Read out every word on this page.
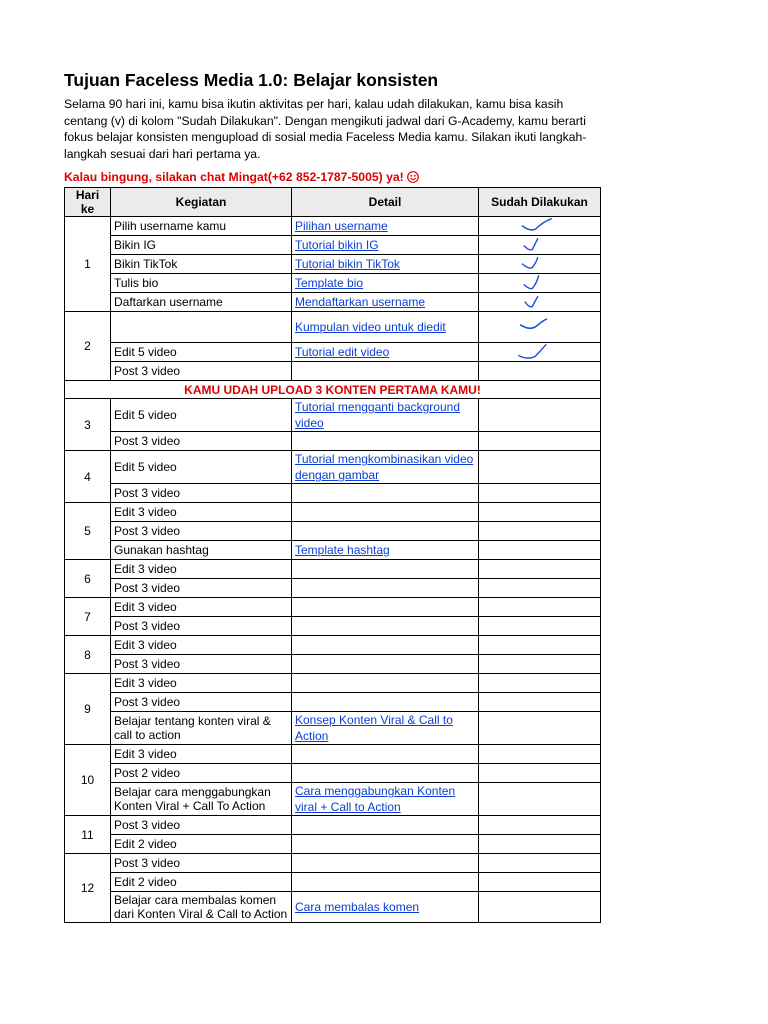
Tujuan Faceless Media 1.0: Belajar konsisten

Selama 90 hari ini, kamu bisa ikutin aktivitas per hari, kalau udah dilakukan, kamu bisa kasih centang (v) di kolom "Sudah Dilakukan". Dengan mengikuti jadwal dari G-Academy, kamu berarti fokus belajar konsisten mengupload di sosial media Faceless Media kamu. Silakan ikuti langkah-langkah sesuai dari hari pertama ya.

Kalau bingung, silakan chat Mingat(+62 852-1787-5005) ya!

Hari ke	Kegiatan	Detail	Sudah Dilakukan
1	Pilih username kamu	Pilihan username

	Bikin IG	Tutorial bikin IG

	Bikin TikTok	Tutorial bikin TikTok

	Tulis bio	Template bio

	Daftarkan username	Mendaftarkan username

2		Kumpulan video untuk diedit

	Edit 5 video	Tutorial edit video

	Post 3 video		
KAMU UDAH UPLOAD 3 KONTEN PERTAMA KAMU!			
3	Edit 5 video	Tutorial mengganti background video	

	Post 3 video		
4	Edit 5 video	Tutorial mengkombinasikan video dengan gambar	

	Post 3 video		
5	Edit 3 video		
	Post 3 video		
	Gunakan hashtag	Template hashtag	

6	Edit 3 video		
	Post 3 video		
7	Edit 3 video		
	Post 3 video		
8	Edit 3 video		
	Post 3 video		
9	Edit 3 video		
	Post 3 video		
	Belajar tentang konten viral & call to action	Konsep Konten Viral & Call to Action	

10	Edit 3 video		
	Post 2 video		
	Belajar cara menggabungkan Konten Viral + Call To Action	Cara menggabungkan Konten viral + Call to Action	

11	Post 3 video		
	Edit 2 video		
12	Post 3 video		
	Edit 2 video		
	Belajar cara membalas komen dari Konten Viral & Call to Action	Cara membalas komen	
